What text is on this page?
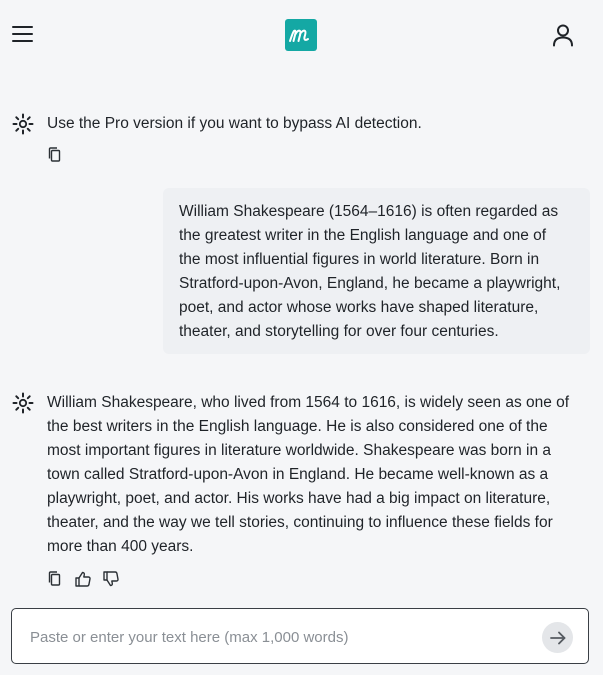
Use the Pro version if you want to bypass AI detection.
William Shakespeare (1564–1616) is often regarded as
the greatest writer in the English language and one of
the most influential figures in world literature. Born in
Stratford-upon-Avon, England, he became a playwright,
poet, and actor whose works have shaped literature,
theater, and storytelling for over four centuries.
William Shakespeare, who lived from 1564 to 1616, is widely seen as one of
the best writers in the English language. He is also considered one of the
most important figures in literature worldwide. Shakespeare was born in a
town called Stratford-upon-Avon in England. He became well-known as a
playwright, poet, and actor. His works have had a big impact on literature,
theater, and the way we tell stories, continuing to influence these fields for
more than 400 years.
Paste or enter your text here (max 1,000 words)
